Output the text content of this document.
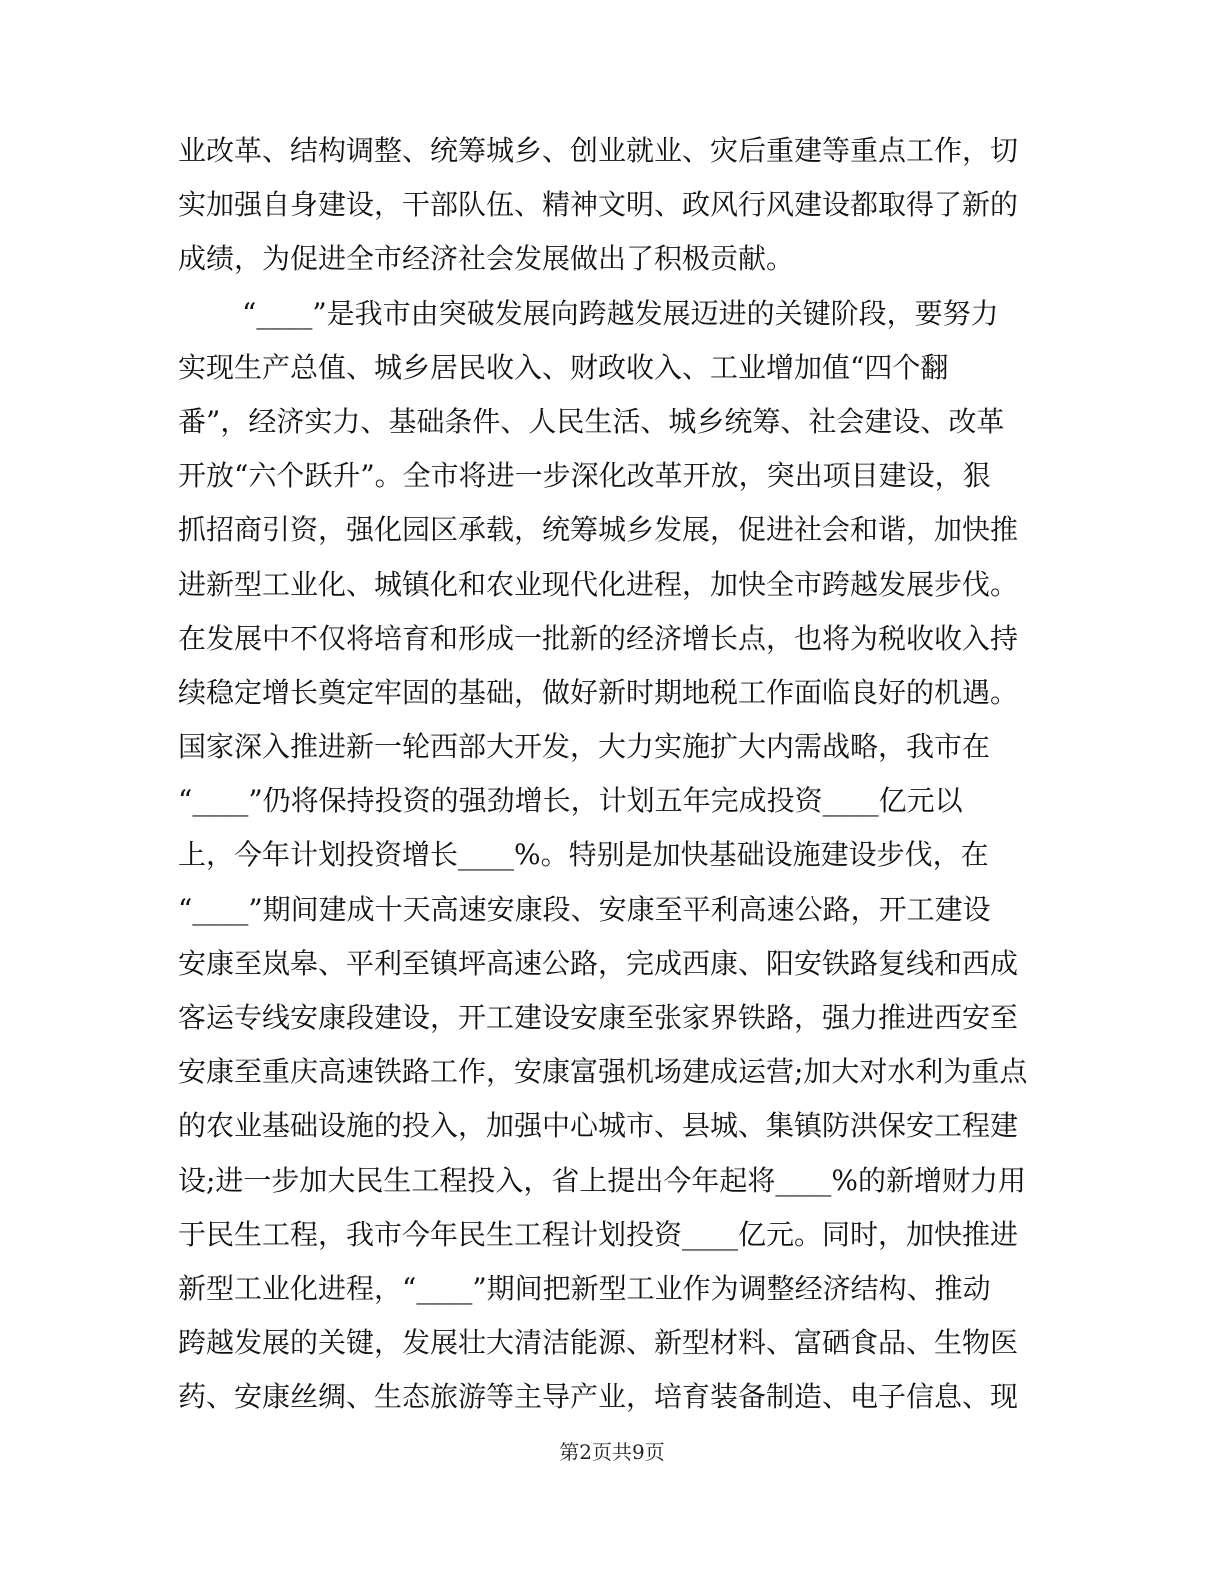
业改革、结构调整、统筹城乡、创业就业、灾后重建等重点工作，切
实加强自身建设，干部队伍、精神文明、政风行风建设都取得了新的
成绩，为促进全市经济社会发展做出了积极贡献。
“____”是我市由突破发展向跨越发展迈进的关键阶段，要努力
实现生产总值、城乡居民收入、财政收入、工业增加值“四个翻
番”，经济实力、基础条件、人民生活、城乡统筹、社会建设、改革
开放“六个跃升”。全市将进一步深化改革开放，突出项目建设，狠
抓招商引资，强化园区承载，统筹城乡发展，促进社会和谐，加快推
进新型工业化、城镇化和农业现代化进程，加快全市跨越发展步伐。
在发展中不仅将培育和形成一批新的经济增长点，也将为税收收入持
续稳定增长奠定牢固的基础，做好新时期地税工作面临良好的机遇。
国家深入推进新一轮西部大开发，大力实施扩大内需战略，我市在
“____”仍将保持投资的强劲增长，计划五年完成投资____亿元以
上，今年计划投资增长____%。特别是加快基础设施建设步伐，在
“____”期间建成十天高速安康段、安康至平利高速公路，开工建设
安康至岚皋、平利至镇坪高速公路，完成西康、阳安铁路复线和西成
客运专线安康段建设，开工建设安康至张家界铁路，强力推进西安至
安康至重庆高速铁路工作，安康富强机场建成运营;加大对水利为重点
的农业基础设施的投入，加强中心城市、县城、集镇防洪保安工程建
设;进一步加大民生工程投入，省上提出今年起将____%的新增财力用
于民生工程，我市今年民生工程计划投资____亿元。同时，加快推进
新型工业化进程，“____”期间把新型工业作为调整经济结构、推动
跨越发展的关键，发展壮大清洁能源、新型材料、富硒食品、生物医
药、安康丝绸、生态旅游等主导产业，培育装备制造、电子信息、现
第2页共9页
